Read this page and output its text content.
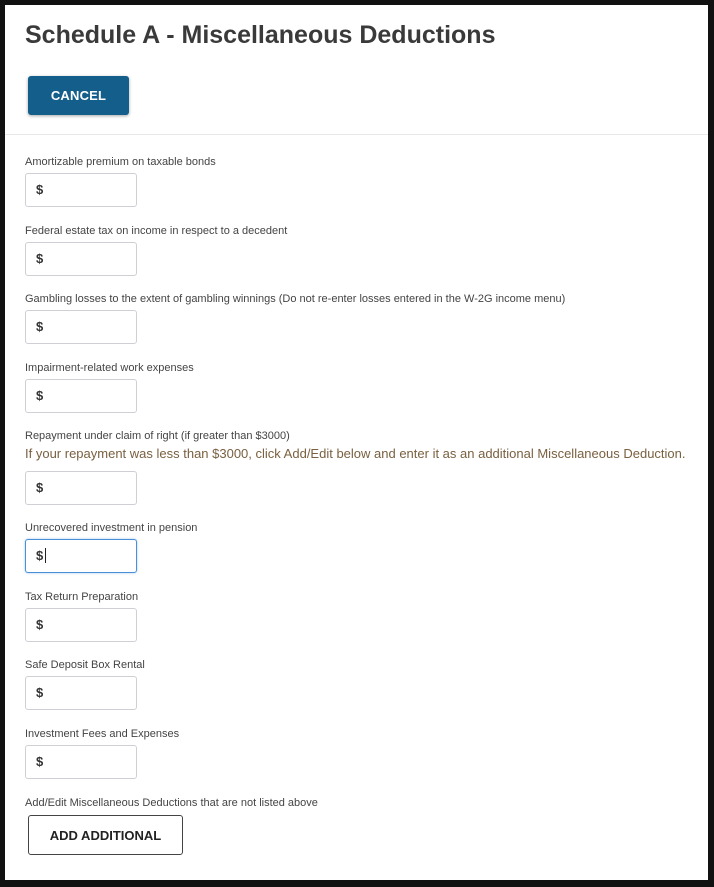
Schedule A - Miscellaneous Deductions
CANCEL
Amortizable premium on taxable bonds
$
Federal estate tax on income in respect to a decedent
$
Gambling losses to the extent of gambling winnings (Do not re-enter losses entered in the W-2G income menu)
$
Impairment-related work expenses
$
Repayment under claim of right (if greater than $3000)
If your repayment was less than $3000, click Add/Edit below and enter it as an additional Miscellaneous Deduction.
$
Unrecovered investment in pension
$
Tax Return Preparation
$
Safe Deposit Box Rental
$
Investment Fees and Expenses
$
Add/Edit Miscellaneous Deductions that are not listed above
ADD ADDITIONAL
